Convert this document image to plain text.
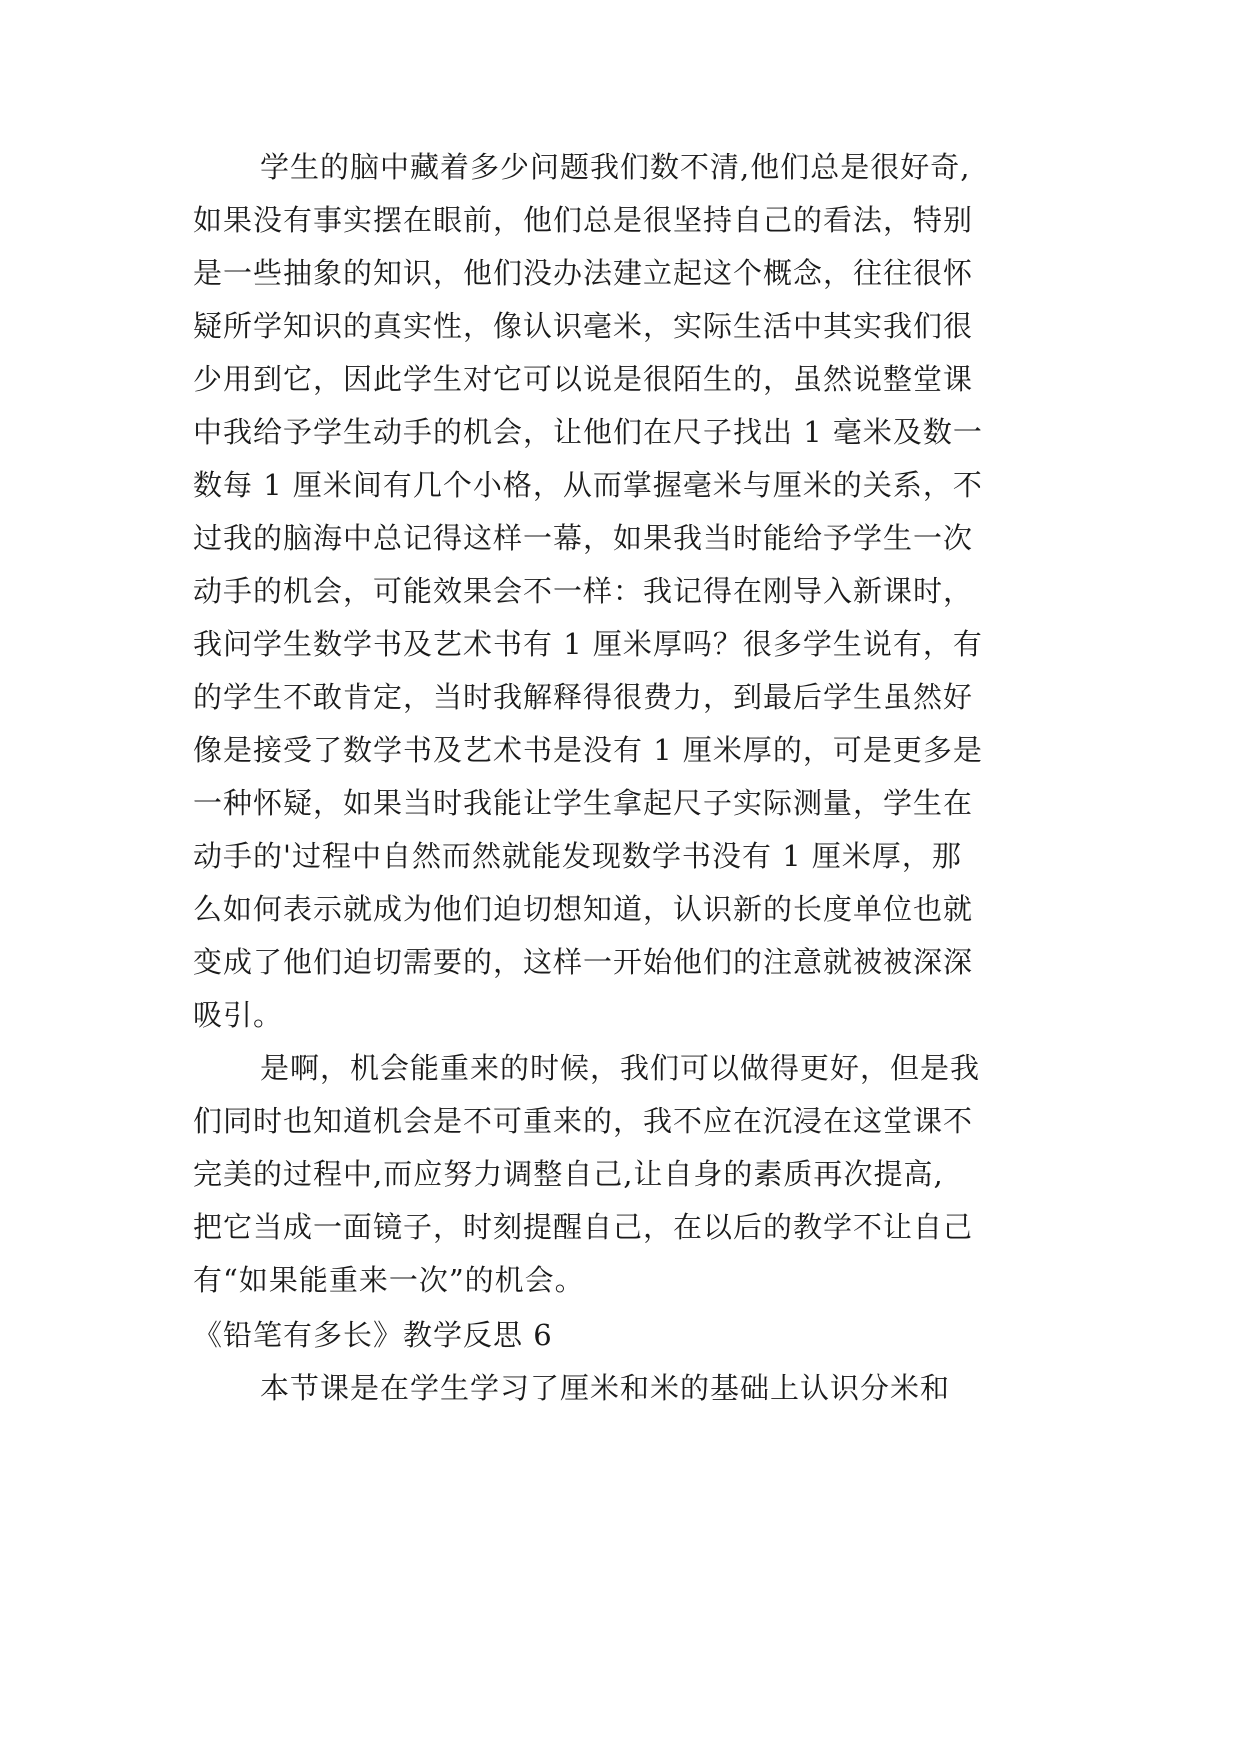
学生的脑中藏着多少问题我们数不清,他们总是很好奇,
如果没有事实摆在眼前，他们总是很坚持自己的看法，特别
是一些抽象的知识，他们没办法建立起这个概念，往往很怀
疑所学知识的真实性，像认识毫米，实际生活中其实我们很
少用到它，因此学生对它可以说是很陌生的，虽然说整堂课
中我给予学生动手的机会，让他们在尺子找出 1 毫米及数一
数每 1 厘米间有几个小格，从而掌握毫米与厘米的关系，不
过我的脑海中总记得这样一幕，如果我当时能给予学生一次
动手的机会，可能效果会不一样：我记得在刚导入新课时，
我问学生数学书及艺术书有 1 厘米厚吗？很多学生说有，有
的学生不敢肯定，当时我解释得很费力，到最后学生虽然好
像是接受了数学书及艺术书是没有 1 厘米厚的，可是更多是
一种怀疑，如果当时我能让学生拿起尺子实际测量，学生在
动手的'过程中自然而然就能发现数学书没有 1 厘米厚，那
么如何表示就成为他们迫切想知道，认识新的长度单位也就
变成了他们迫切需要的，这样一开始他们的注意就被被深深
吸引。
是啊，机会能重来的时候，我们可以做得更好，但是我
们同时也知道机会是不可重来的，我不应在沉浸在这堂课不
完美的过程中,而应努力调整自己,让自身的素质再次提高,
把它当成一面镜子，时刻提醒自己，在以后的教学不让自己
有“如果能重来一次”的机会。
《铅笔有多长》教学反思 6
本节课是在学生学习了厘米和米的基础上认识分米和
